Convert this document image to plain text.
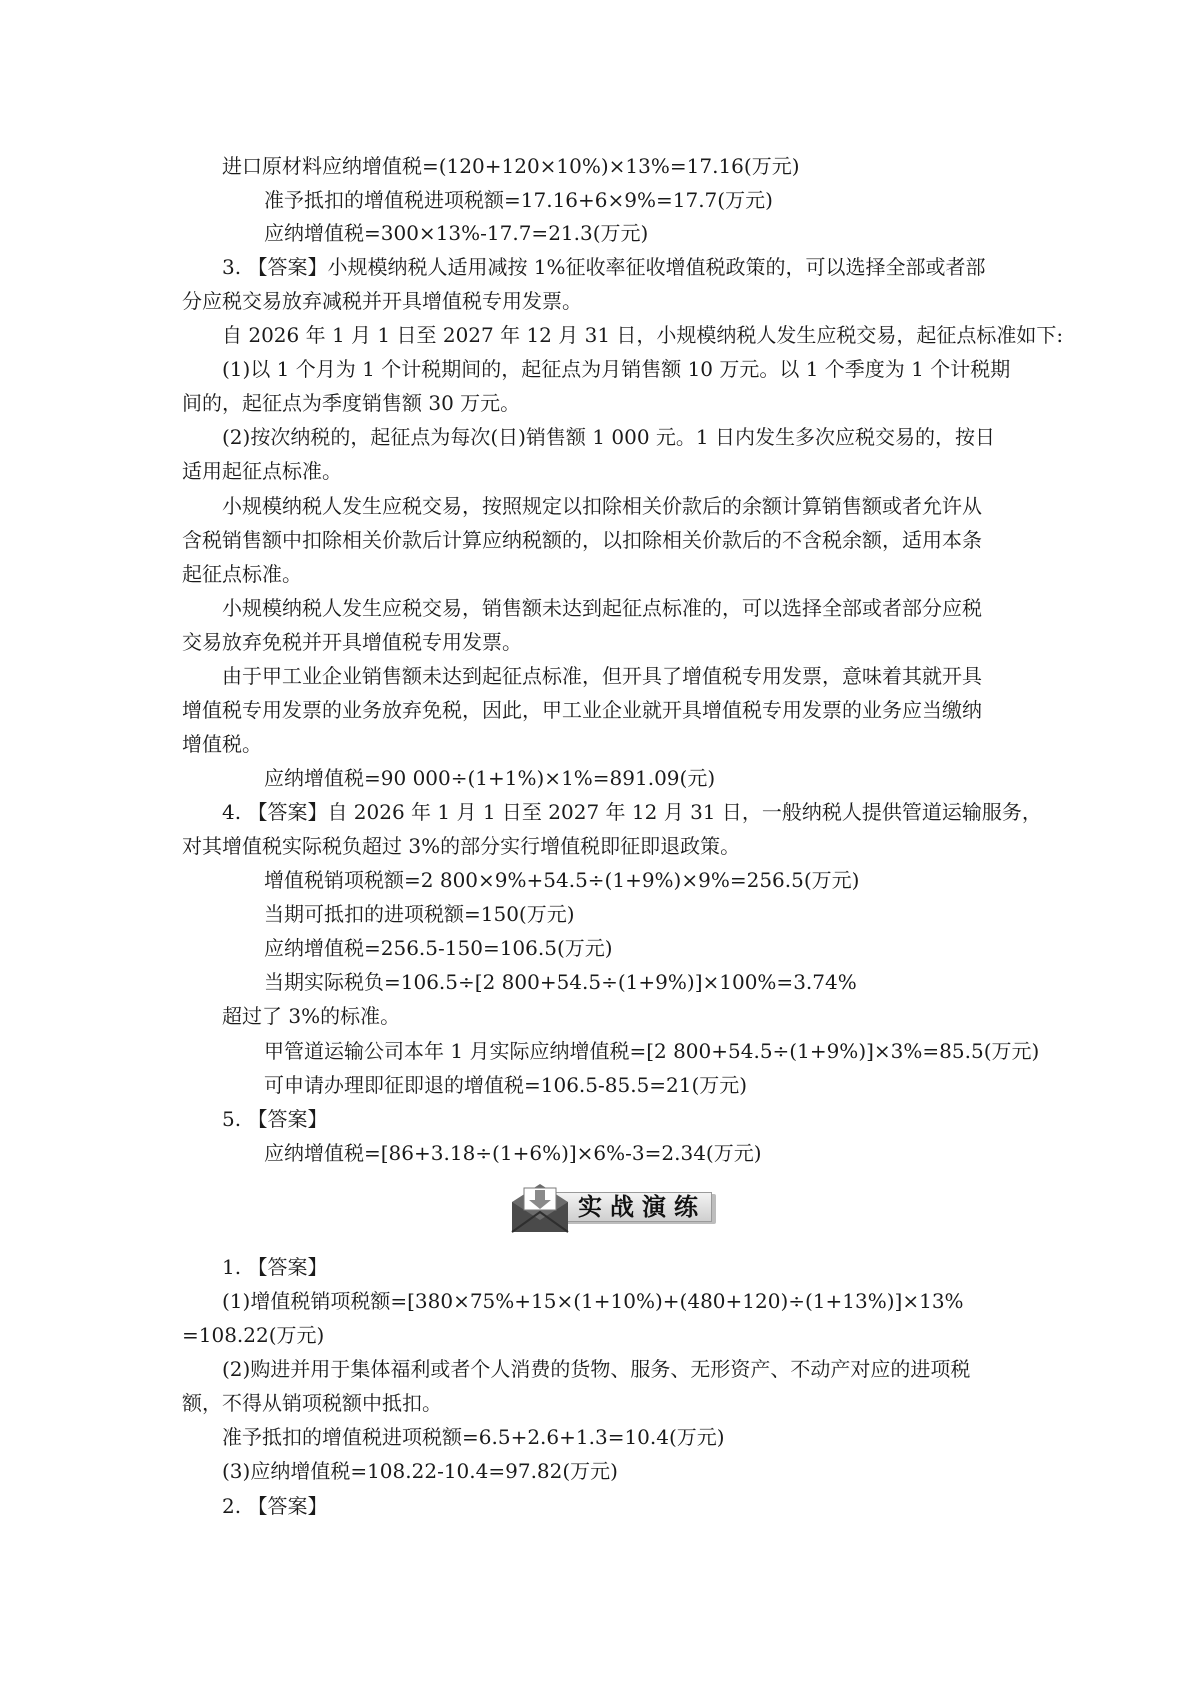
进口原材料应纳增值税=(120+120×10%)×13%=17.16(万元)
准予抵扣的增值税进项税额=17.16+6×9%=17.7(万元)
应纳增值税=300×13%-17.7=21.3(万元)
3. 【答案】小规模纳税人适用减按 1%征收率征收增值税政策的，可以选择全部或者部
分应税交易放弃减税并开具增值税专用发票。
自 2026 年 1 月 1 日至 2027 年 12 月 31 日，小规模纳税人发生应税交易，起征点标准如下:
(1)以 1 个月为 1 个计税期间的，起征点为月销售额 10 万元。以 1 个季度为 1 个计税期
间的，起征点为季度销售额 30 万元。
(2)按次纳税的，起征点为每次(日)销售额 1 000 元。1 日内发生多次应税交易的，按日
适用起征点标准。
小规模纳税人发生应税交易，按照规定以扣除相关价款后的余额计算销售额或者允许从
含税销售额中扣除相关价款后计算应纳税额的，以扣除相关价款后的不含税余额，适用本条
起征点标准。
小规模纳税人发生应税交易，销售额未达到起征点标准的，可以选择全部或者部分应税
交易放弃免税并开具增值税专用发票。
由于甲工业企业销售额未达到起征点标准，但开具了增值税专用发票，意味着其就开具
增值税专用发票的业务放弃免税，因此，甲工业企业就开具增值税专用发票的业务应当缴纳
增值税。
应纳增值税=90 000÷(1+1%)×1%=891.09(元)
4. 【答案】自 2026 年 1 月 1 日至 2027 年 12 月 31 日，一般纳税人提供管道运输服务，
对其增值税实际税负超过 3%的部分实行增值税即征即退政策。
增值税销项税额=2 800×9%+54.5÷(1+9%)×9%=256.5(万元)
当期可抵扣的进项税额=150(万元)
应纳增值税=256.5-150=106.5(万元)
当期实际税负=106.5÷[2 800+54.5÷(1+9%)]×100%=3.74%
超过了 3%的标准。
甲管道运输公司本年 1 月实际应纳增值税=[2 800+54.5÷(1+9%)]×3%=85.5(万元)
可申请办理即征即退的增值税=106.5-85.5=21(万元)
5. 【答案】
应纳增值税=[86+3.18÷(1+6%)]×6%-3=2.34(万元)
实战演练
1. 【答案】
(1)增值税销项税额=[380×75%+15×(1+10%)+(480+120)÷(1+13%)]×13%
=108.22(万元)
(2)购进并用于集体福利或者个人消费的货物、服务、无形资产、不动产对应的进项税
额，不得从销项税额中抵扣。
准予抵扣的增值税进项税额=6.5+2.6+1.3=10.4(万元)
(3)应纳增值税=108.22-10.4=97.82(万元)
2. 【答案】
